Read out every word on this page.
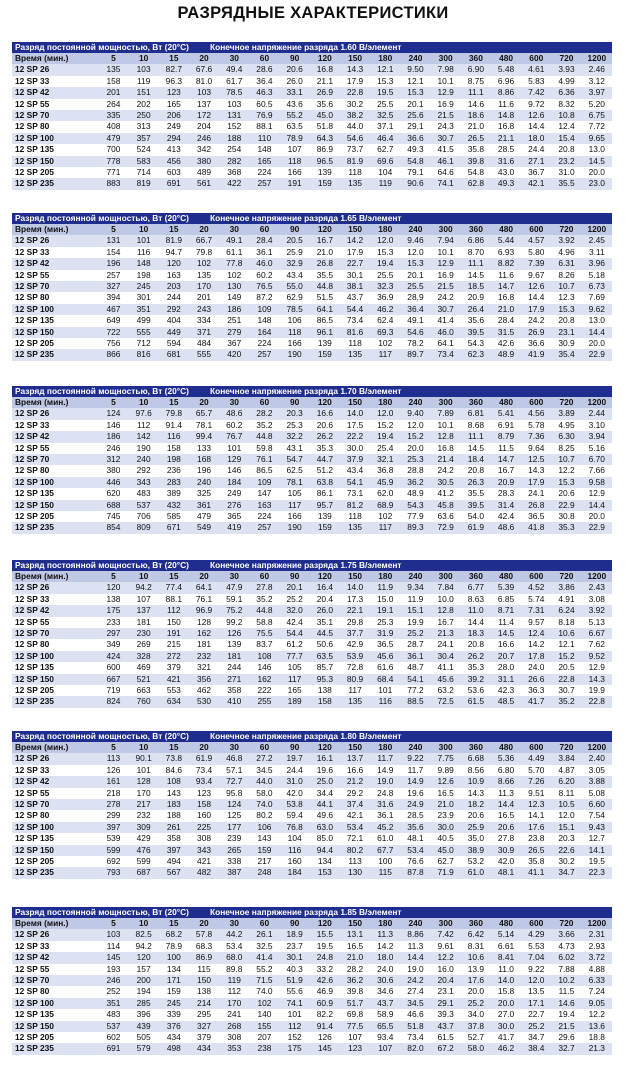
РАЗРЯДНЫЕ ХАРАКТЕРИСТИКИ
Разряд постоянной мощностью, Вт (20°C)	Конечное напряжение разряда 1.60 В/элемент
Время (мин.)	5	10	15	20	30	60	90	120	150	180	240	300	360	480	600	720	1200
12 SP 26	135	103	82.7	67.6	49.4	28.6	20.6	16.8	14.3	12.1	9.50	7.98	6.90	5.48	4.61	3.93	2.46
12 SP 33	158	119	96.3	81.0	61.7	36.4	26.0	21.1	17.9	15.3	12.1	10.1	8.75	6.96	5.83	4.99	3.12
12 SP 42	201	151	123	103	78.5	46.3	33.1	26.9	22.8	19.5	15.3	12.9	11.1	8.86	7.42	6.36	3.97
12 SP 55	264	202	165	137	103	60.5	43.6	35.6	30.2	25.5	20.1	16.9	14.6	11.6	9.72	8.32	5.20
12 SP 70	335	250	206	172	131	76.9	55.2	45.0	38.2	32.5	25.6	21.5	18.6	14.8	12.6	10.8	6.75
12 SP 80	408	313	249	204	152	88.1	63.5	51.8	44.0	37.1	29.1	24.3	21.0	16.8	14.4	12.4	7.72
12 SP 100	479	357	294	246	188	110	78.9	64.3	54.6	46.4	36.6	30.7	26.5	21.1	18.0	15.4	9.65
12 SP 135	700	524	413	342	254	148	107	86.9	73.7	62.7	49.3	41.5	35.8	28.5	24.4	20.8	13.0
12 SP 150	778	583	456	380	282	165	118	96.5	81.9	69.6	54.8	46.1	39.8	31.6	27.1	23.2	14.5
12 SP 205	771	714	603	489	368	224	166	139	118	104	79.1	64.6	54.8	43.0	36.7	31.0	20.0
12 SP 235	883	819	691	561	422	257	191	159	135	119	90.6	74.1	62.8	49.3	42.1	35.5	23.0
Разряд постоянной мощностью, Вт (20°C)	Конечное напряжение разряда 1.65 В/элемент
Время (мин.)	5	10	15	20	30	60	90	120	150	180	240	300	360	480	600	720	1200
12 SP 26	131	101	81.9	66.7	49.1	28.4	20.5	16.7	14.2	12.0	9.46	7.94	6.86	5.44	4.57	3.92	2.45
12 SP 33	154	116	94.7	79.8	61.1	36.1	25.9	21.0	17.9	15.3	12.0	10.1	8.70	6.93	5.80	4.96	3.11
12 SP 42	196	148	120	102	77.8	46.0	32.9	26.8	22.7	19.4	15.3	12.9	11.1	8.82	7.39	6.31	3.96
12 SP 55	257	198	163	135	102	60.2	43.4	35.5	30.1	25.5	20.1	16.9	14.5	11.6	9.67	8.26	5.18
12 SP 70	327	245	203	170	130	76.5	55.0	44.8	38.1	32.3	25.5	21.5	18.5	14.7	12.6	10.7	6.73
12 SP 80	394	301	244	201	149	87.2	62.9	51.5	43.7	36.9	28.9	24.2	20.9	16.8	14.4	12.3	7.69
12 SP 100	467	351	292	243	186	109	78.5	64.1	54.4	46.2	36.4	30.7	26.4	21.0	17.9	15.3	9.62
12 SP 135	649	499	404	334	251	148	106	86.5	73.4	62.4	49.1	41.4	35.6	28.4	24.2	20.8	13.0
12 SP 150	722	555	449	371	279	164	118	96.1	81.6	69.3	54.6	46.0	39.5	31.5	26.9	23.1	14.4
12 SP 205	756	712	594	484	367	224	166	139	118	102	78.2	64.1	54.3	42.6	36.6	30.9	20.0
12 SP 235	866	816	681	555	420	257	190	159	135	117	89.7	73.4	62.3	48.9	41.9	35.4	22.9
Разряд постоянной мощностью, Вт (20°C)	Конечное напряжение разряда 1.70 В/элемент
Время (мин.)	5	10	15	20	30	60	90	120	150	180	240	300	360	480	600	720	1200
12 SP 26	124	97.6	79.8	65.7	48.6	28.2	20.3	16.6	14.0	12.0	9.40	7.89	6.81	5.41	4.56	3.89	2.44
12 SP 33	146	112	91.4	78.1	60.2	35.2	25.3	20.6	17.5	15.2	12.0	10.1	8.68	6.91	5.78	4.95	3.10
12 SP 42	186	142	116	99.4	76.7	44.8	32.2	26.2	22.2	19.4	15.2	12.8	11.1	8.79	7.36	6.30	3.94
12 SP 55	246	190	158	133	101	59.8	43.1	35.3	30.0	25.4	20.0	16.8	14.5	11.5	9.64	8.25	5.16
12 SP 70	312	240	198	168	129	76.1	54.7	44.7	37.9	32.1	25.3	21.4	18.4	14.7	12.5	10.7	6.70
12 SP 80	380	292	236	196	146	86.5	62.5	51.2	43.4	36.8	28.8	24.2	20.8	16.7	14.3	12.2	7.66
12 SP 100	446	343	283	240	184	109	78.1	63.8	54.1	45.9	36.2	30.5	26.3	20.9	17.9	15.3	9.58
12 SP 135	620	483	389	325	249	147	105	86.1	73.1	62.0	48.9	41.2	35.5	28.3	24.1	20.6	12.9
12 SP 150	688	537	432	361	276	163	117	95.7	81.2	68.9	54.3	45.8	39.5	31.4	26.8	22.9	14.4
12 SP 205	745	706	585	479	365	224	166	139	118	102	77.9	63.6	54.0	42.4	36.5	30.8	20.0
12 SP 235	854	809	671	549	419	257	190	159	135	117	89.3	72.9	61.9	48.6	41.8	35.3	22.9
Разряд постоянной мощностью, Вт (20°C)	Конечное напряжение разряда 1.75 В/элемент
Время (мин.)	5	10	15	20	30	60	90	120	150	180	240	300	360	480	600	720	1200
12 SP 26	120	94.2	77.4	64.1	47.9	27.8	20.1	16.4	14.0	11.9	9.34	7.84	6.77	5.39	4.52	3.86	2.43
12 SP 33	138	107	88.1	76.1	59.1	35.2	25.2	20.4	17.3	15.0	11.9	10.0	8.63	6.85	5.74	4.91	3.08
12 SP 42	175	137	112	96.9	75.2	44.8	32.0	26.0	22.1	19.1	15.1	12.8	11.0	8.71	7.31	6.24	3.92
12 SP 55	233	181	150	128	99.2	58.8	42.4	35.1	29.8	25.3	19.9	16.7	14.4	11.4	9.57	8.18	5.13
12 SP 70	297	230	191	162	126	75.5	54.4	44.5	37.7	31.9	25.2	21.3	18.3	14.5	12.4	10.6	6.67
12 SP 80	349	269	215	181	139	83.7	61.2	50.6	42.9	36.5	28.7	24.1	20.8	16.6	14.2	12.1	7.62
12 SP 100	424	328	272	232	181	108	77.7	63.5	53.9	45.6	36.1	30.4	26.2	20.7	17.8	15.2	9.52
12 SP 135	600	469	379	321	244	146	105	85.7	72.8	61.6	48.7	41.1	35.3	28.0	24.0	20.5	12.9
12 SP 150	667	521	421	356	271	162	117	95.3	80.9	68.4	54.1	45.6	39.2	31.1	26.6	22.8	14.3
12 SP 205	719	663	553	462	358	222	165	138	117	101	77.2	63.2	53.6	42.3	36.3	30.7	19.9
12 SP 235	824	760	634	530	410	255	189	158	135	116	88.5	72.5	61.5	48.5	41.7	35.2	22.8
Разряд постоянной мощностью, Вт (20°C)	Конечное напряжение разряда 1.80 В/элемент
Время (мин.)	5	10	15	20	30	60	90	120	150	180	240	300	360	480	600	720	1200
12 SP 26	113	90.1	73.8	61.9	46.8	27.2	19.7	16.1	13.7	11.7	9.22	7.75	6.68	5.36	4.49	3.84	2.40
12 SP 33	126	101	84.6	73.4	57.1	34.5	24.4	19.6	16.6	14.9	11.7	9.89	8.56	6.80	5.70	4.87	3.05
12 SP 42	161	128	108	93.4	72.7	44.0	31.0	25.0	21.2	19.0	14.9	12.6	10.9	8.66	7.26	6.20	3.88
12 SP 55	218	170	143	123	95.8	58.0	42.0	34.4	29.2	24.8	19.6	16.5	14.3	11.3	9.51	8.11	5.08
12 SP 70	278	217	183	158	124	74.0	53.8	44.1	37.4	31.6	24.9	21.0	18.2	14.4	12.3	10.5	6.60
12 SP 80	299	232	188	160	125	80.2	59.4	49.6	42.1	36.1	28.5	23.9	20.6	16.5	14.1	12.0	7.54
12 SP 100	397	309	261	225	177	106	76.8	63.0	53.4	45.2	35.6	30.0	25.9	20.6	17.6	15.1	9.43
12 SP 135	539	429	358	308	239	143	104	85.0	72.1	61.0	48.1	40.5	35.0	27.8	23.8	20.3	12.7
12 SP 150	599	476	397	343	265	159	116	94.4	80.2	67.7	53.4	45.0	38.9	30.9	26.5	22.6	14.1
12 SP 205	692	599	494	421	338	217	160	134	113	100	76.6	62.7	53.2	42.0	35.8	30.2	19.5
12 SP 235	793	687	567	482	387	248	184	153	130	115	87.8	71.9	61.0	48.1	41.1	34.7	22.3
Разряд постоянной мощностью, Вт (20°C)	Конечное напряжение разряда 1.85 В/элемент
Время (мин.)	5	10	15	20	30	60	90	120	150	180	240	300	360	480	600	720	1200
12 SP 26	103	82.5	68.2	57.8	44.2	26.1	18.9	15.5	13.1	11.3	8.86	7.42	6.42	5.14	4.29	3.66	2.31
12 SP 33	114	94.2	78.9	68.3	53.4	32.5	23.7	19.5	16.5	14.2	11.3	9.61	8.31	6.61	5.53	4.73	2.93
12 SP 42	145	120	100	86.9	68.0	41.4	30.1	24.8	21.0	18.0	14.4	12.2	10.6	8.41	7.04	6.02	3.72
12 SP 55	193	157	134	115	89.8	55.2	40.3	33.2	28.2	24.0	19.0	16.0	13.9	11.0	9.22	7.88	4.88
12 SP 70	246	200	171	150	119	71.5	51.9	42.6	36.2	30.6	24.2	20.4	17.6	14.0	12.0	10.2	6.33
12 SP 80	252	194	159	138	112	74.0	55.6	46.9	39.8	34.6	27.4	23.1	20.0	15.8	13.5	11.5	7.24
12 SP 100	351	285	245	214	170	102	74.1	60.9	51.7	43.7	34.5	29.1	25.2	20.0	17.1	14.6	9.05
12 SP 135	483	396	339	295	241	140	101	82.2	69.8	58.9	46.6	39.3	34.0	27.0	22.7	19.4	12.2
12 SP 150	537	439	376	327	268	155	112	91.4	77.5	65.5	51.8	43.7	37.8	30.0	25.2	21.5	13.6
12 SP 205	602	505	434	379	308	207	152	126	107	93.4	73.4	61.5	52.7	41.7	34.7	29.6	18.8
12 SP 235	691	579	498	434	353	238	175	145	123	107	82.0	67.2	58.0	46.2	38.4	32.7	21.3
